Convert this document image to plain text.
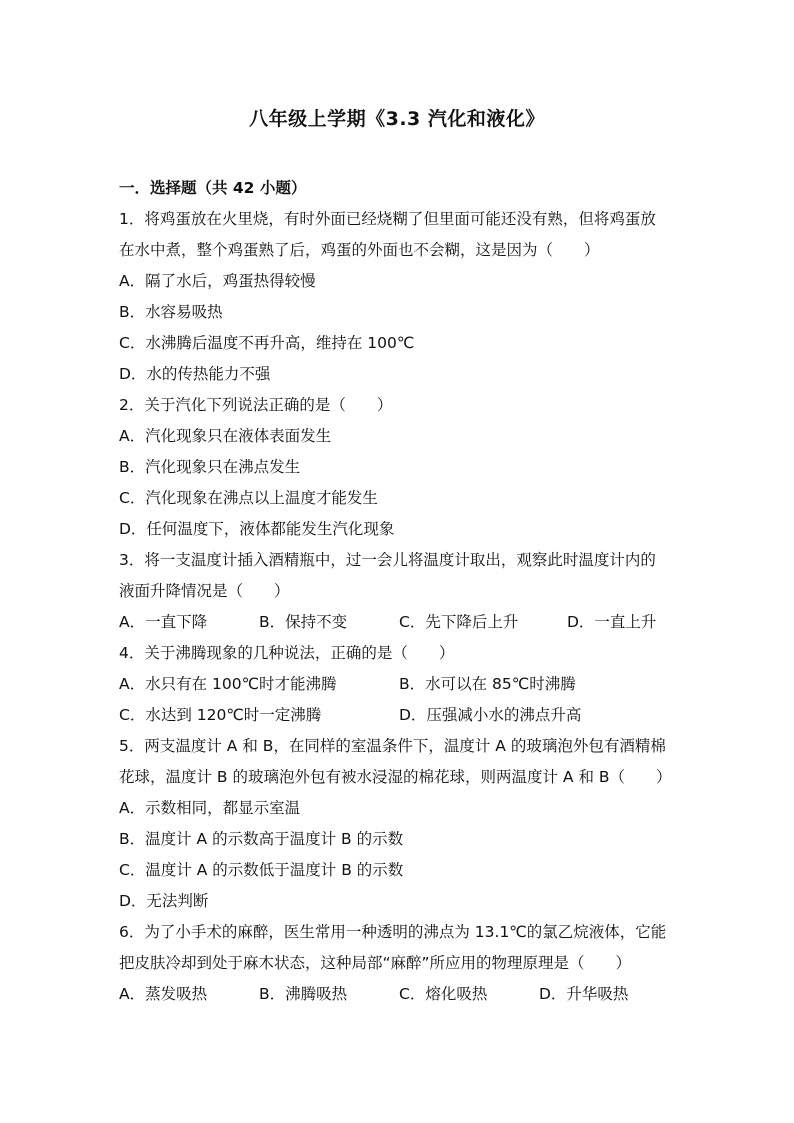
八年级上学期《3.3 汽化和液化》
一．选择题（共 42 小题）
1．将鸡蛋放在火里烧，有时外面已经烧糊了但里面可能还没有熟，但将鸡蛋放
在水中煮，整个鸡蛋熟了后，鸡蛋的外面也不会糊，这是因为（　　）
A．隔了水后，鸡蛋热得较慢
B．水容易吸热
C．水沸腾后温度不再升高，维持在 100℃
D．水的传热能力不强
2．关于汽化下列说法正确的是（　　）
A．汽化现象只在液体表面发生
B．汽化现象只在沸点发生
C．汽化现象在沸点以上温度才能发生
D．任何温度下，液体都能发生汽化现象
3．将一支温度计插入酒精瓶中，过一会儿将温度计取出，观察此时温度计内的
液面升降情况是（　　）
A．一直下降	B．保持不变	C．先下降后上升	D．一直上升
4．关于沸腾现象的几种说法，正确的是（　　）
A．水只有在 100℃时才能沸腾	B．水可以在 85℃时沸腾
C．水达到 120℃时一定沸腾	D．压强减小水的沸点升高
5．两支温度计 A 和 B，在同样的室温条件下，温度计 A 的玻璃泡外包有酒精棉
花球，温度计 B 的玻璃泡外包有被水浸湿的棉花球，则两温度计 A 和 B（　　）
A．示数相同，都显示室温
B．温度计 A 的示数高于温度计 B 的示数
C．温度计 A 的示数低于温度计 B 的示数
D．无法判断
6．为了小手术的麻醉，医生常用一种透明的沸点为 13.1℃的氯乙烷液体，它能
把皮肤冷却到处于麻木状态，这种局部“麻醉”所应用的物理原理是（　　）
A．蒸发吸热	B．沸腾吸热	C．熔化吸热	D．升华吸热
